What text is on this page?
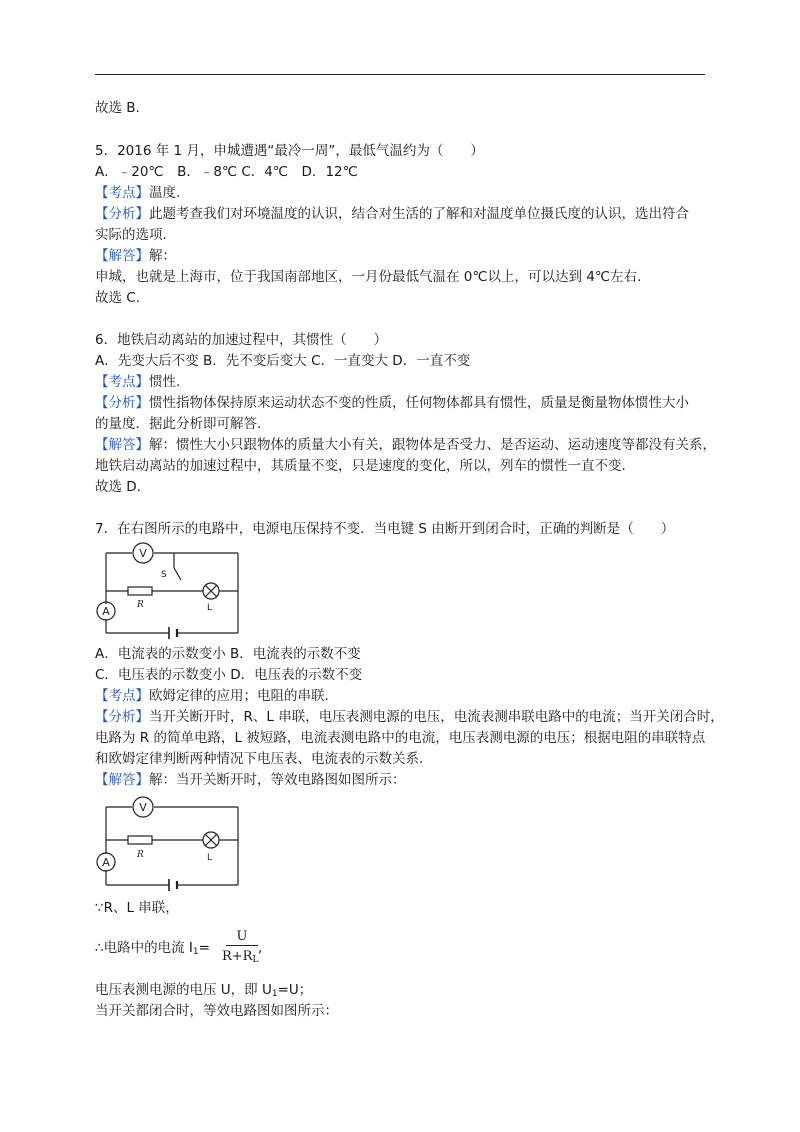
故选 B.
5．2016 年 1 月，申城遭遇“最冷一周”，最低气温约为（　　）
A．﹣20℃　B．﹣8℃ C．4℃　D．12℃
【考点】温度.
【分析】此题考查我们对环境温度的认识，结合对生活的了解和对温度单位摄氏度的认识，选出符合
实际的选项.
【解答】解：
申城，也就是上海市，位于我国南部地区，一月份最低气温在 0℃以上，可以达到 4℃左右.
故选 C.
6．地铁启动离站的加速过程中，其惯性（　　）
A．先变大后不变 B．先不变后变大 C．一直变大 D．一直不变
【考点】惯性.
【分析】惯性指物体保持原来运动状态不变的性质，任何物体都具有惯性，质量是衡量物体惯性大小
的量度．据此分析即可解答.
【解答】解：惯性大小只跟物体的质量大小有关，跟物体是否受力、是否运动、运动速度等都没有关系，
地铁启动离站的加速过程中，其质量不变，只是速度的变化，所以，列车的惯性一直不变.
故选 D.
7．在右图所示的电路中，电源电压保持不变．当电键 S 由断开到闭合时，正确的判断是（　　）
V
A
S
R	L
A．电流表的示数变小 B．电流表的示数不变
C．电压表的示数变小 D．电压表的示数不变
【考点】欧姆定律的应用；电阻的串联.
【分析】当开关断开时，R、L 串联，电压表测电源的电压，电流表测串联电路中的电流；当开关闭合时，
电路为 R 的简单电路，L 被短路，电流表测电路中的电流，电压表测电源的电压；根据电阻的串联特点
和欧姆定律判断两种情况下电压表、电流表的示数关系.
【解答】解：当开关断开时，等效电路图如图所示：
V
A
R	L
∵R、L 串联，
∴电路中的电流 $I_1=$
U
$R+R_L$
,
电压表测电源的电压 U，即 $U_1=U$；
当开关都闭合时，等效电路图如图所示：
